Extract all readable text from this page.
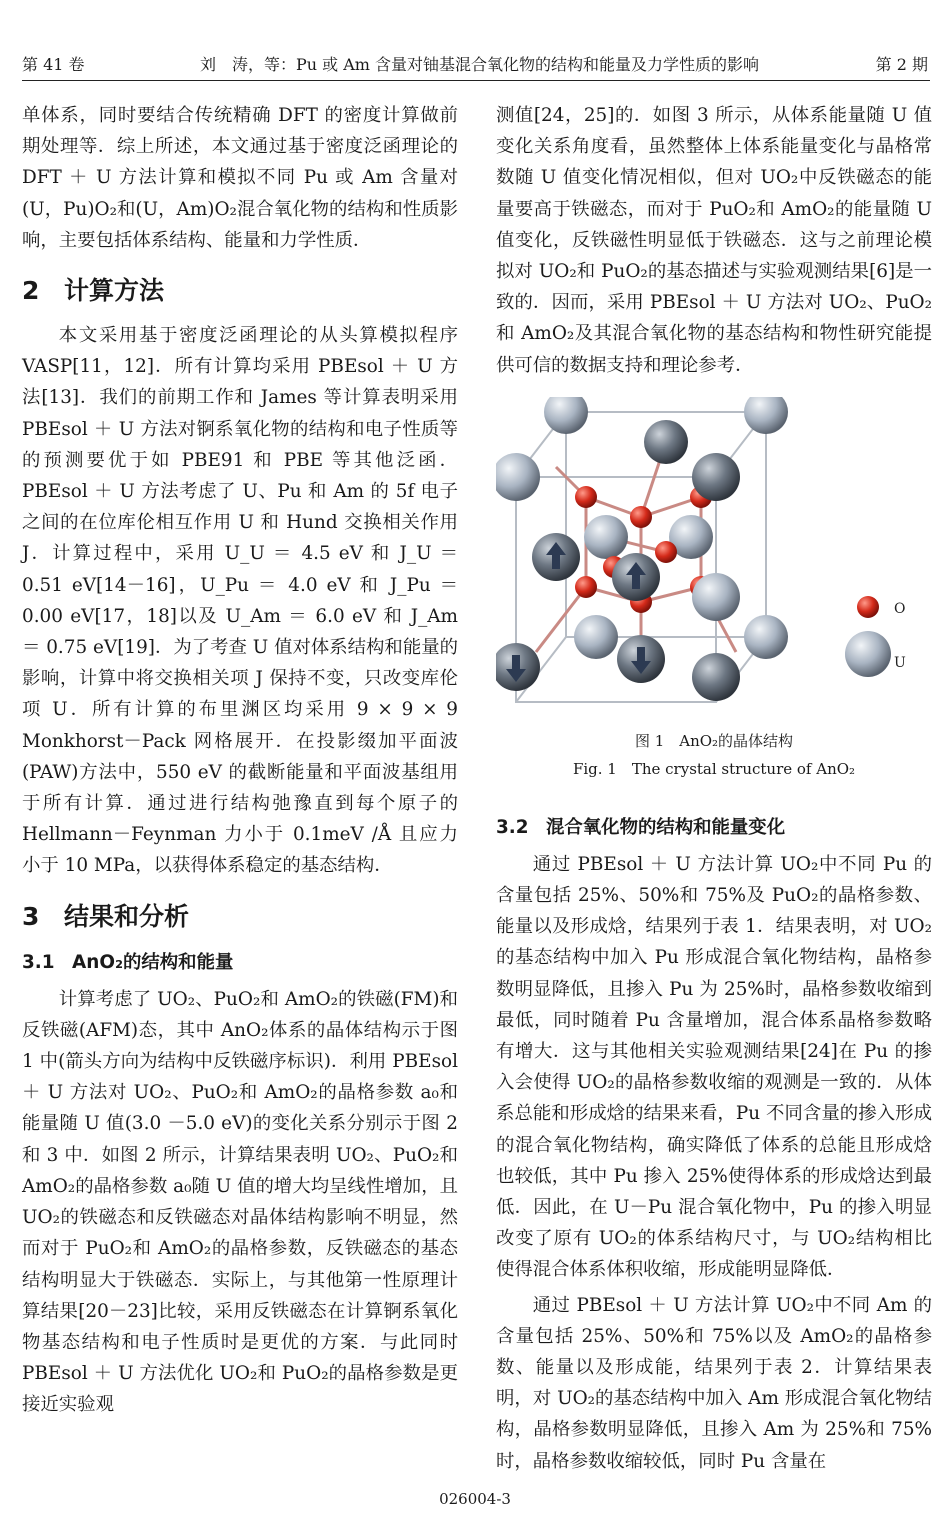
第 41 卷	刘　涛，等：Pu 或 Am 含量对铀基混合氧化物的结构和能量及力学性质的影响	第 2 期

单体系，同时要结合传统精确 DFT 的密度计算做前期处理等．综上所述，本文通过基于密度泛函理论的 DFT ＋ U 方法计算和模拟不同 Pu 或 Am 含量对(U，Pu)O₂和(U，Am)O₂混合氧化物的结构和性质影响，主要包括体系结构、能量和力学性质．

2 计算方法

本文采用基于密度泛函理论的从头算模拟程序 VASP[11，12]．所有计算均采用 PBEsol ＋ U 方法[13]．我们的前期工作和 James 等计算表明采用 PBEsol ＋ U 方法对锕系氧化物的结构和电子性质等的预测要优于如 PBE91 和 PBE 等其他泛函．PBEsol ＋ U 方法考虑了 U、Pu 和 Am 的 5f 电子之间的在位库伦相互作用 U 和 Hund 交换相关作用 J．计算过程中，采用 U_U ＝ 4.5 eV 和 J_U ＝ 0.51 eV[14－16]，U_Pu ＝ 4.0 eV 和 J_Pu ＝ 0.00 eV[17，18]以及 U_Am ＝ 6.0 eV 和 J_Am ＝ 0.75 eV[19]．为了考查 U 值对体系结构和能量的影响，计算中将交换相关项 J 保持不变，只改变库伦项 U．所有计算的布里渊区均采用 9 × 9 × 9 Monkhorst－Pack 网格展开．在投影缀加平面波(PAW)方法中，550 eV 的截断能量和平面波基组用于所有计算．通过进行结构弛豫直到每个原子的 Hellmann－Feynman 力小于 0.1meV /Å 且应力小于 10 MPa，以获得体系稳定的基态结构．

3 结果和分析
3.1 AnO₂的结构和能量

计算考虑了 UO₂、PuO₂和 AmO₂的铁磁(FM)和反铁磁(AFM)态，其中 AnO₂体系的晶体结构示于图 1 中(箭头方向为结构中反铁磁序标识)．利用 PBEsol ＋ U 方法对 UO₂、PuO₂和 AmO₂的晶格参数 a₀和能量随 U 值(3.0 －5.0 eV)的变化关系分别示于图 2 和 3 中．如图 2 所示，计算结果表明 UO₂、PuO₂和 AmO₂的晶格参数 a₀随 U 值的增大均呈线性增加，且 UO₂的铁磁态和反铁磁态对晶体结构影响不明显，然而对于 PuO₂和 AmO₂的晶格参数，反铁磁态的基态结构明显大于铁磁态．实际上，与其他第一性原理计算结果[20－23]比较，采用反铁磁态在计算锕系氧化物基态结构和电子性质时是更优的方案．与此同时 PBEsol ＋ U 方法优化 UO₂和 PuO₂的晶格参数是更接近实验观

测值[24，25]的．如图 3 所示，从体系能量随 U 值变化关系角度看，虽然整体上体系能量变化与晶格常数随 U 值变化情况相似，但对 UO₂中反铁磁态的能量要高于铁磁态，而对于 PuO₂和 AmO₂的能量随 U 值变化，反铁磁性明显低于铁磁态．这与之前理论模拟对 UO₂和 PuO₂的基态描述与实验观测结果[6]是一致的．因而，采用 PBEsol ＋ U 方法对 UO₂、PuO₂和 AmO₂及其混合氧化物的基态结构和物性研究能提供可信的数据支持和理论参考．

O
U
图 1　AnO₂的晶体结构
Fig. 1　The crystal structure of AnO₂
3.2 混合氧化物的结构和能量变化

通过 PBEsol ＋ U 方法计算 UO₂中不同 Pu 的含量包括 25%、50%和 75%及 PuO₂的晶格参数、能量以及形成焓，结果列于表 1．结果表明，对 UO₂的基态结构中加入 Pu 形成混合氧化物结构，晶格参数明显降低，且掺入 Pu 为 25%时，晶格参数收缩到最低，同时随着 Pu 含量增加，混合体系晶格参数略有增大．这与其他相关实验观测结果[24]在 Pu 的掺入会使得 UO₂的晶格参数收缩的观测是一致的．从体系总能和形成焓的结果来看，Pu 不同含量的掺入形成的混合氧化物结构，确实降低了体系的总能且形成焓也较低，其中 Pu 掺入 25%使得体系的形成焓达到最低．因此，在 U－Pu 混合氧化物中，Pu 的掺入明显改变了原有 UO₂的体系结构尺寸，与 UO₂结构相比使得混合体系体积收缩，形成能明显降低．

通过 PBEsol ＋ U 方法计算 UO₂中不同 Am 的含量包括 25%、50%和 75%以及 AmO₂的晶格参数、能量以及形成能，结果列于表 2．计算结果表明，对 UO₂的基态结构中加入 Am 形成混合氧化物结构，晶格参数明显降低，且掺入 Am 为 25%和 75%时，晶格参数收缩较低，同时 Pu 含量在

026004-3
